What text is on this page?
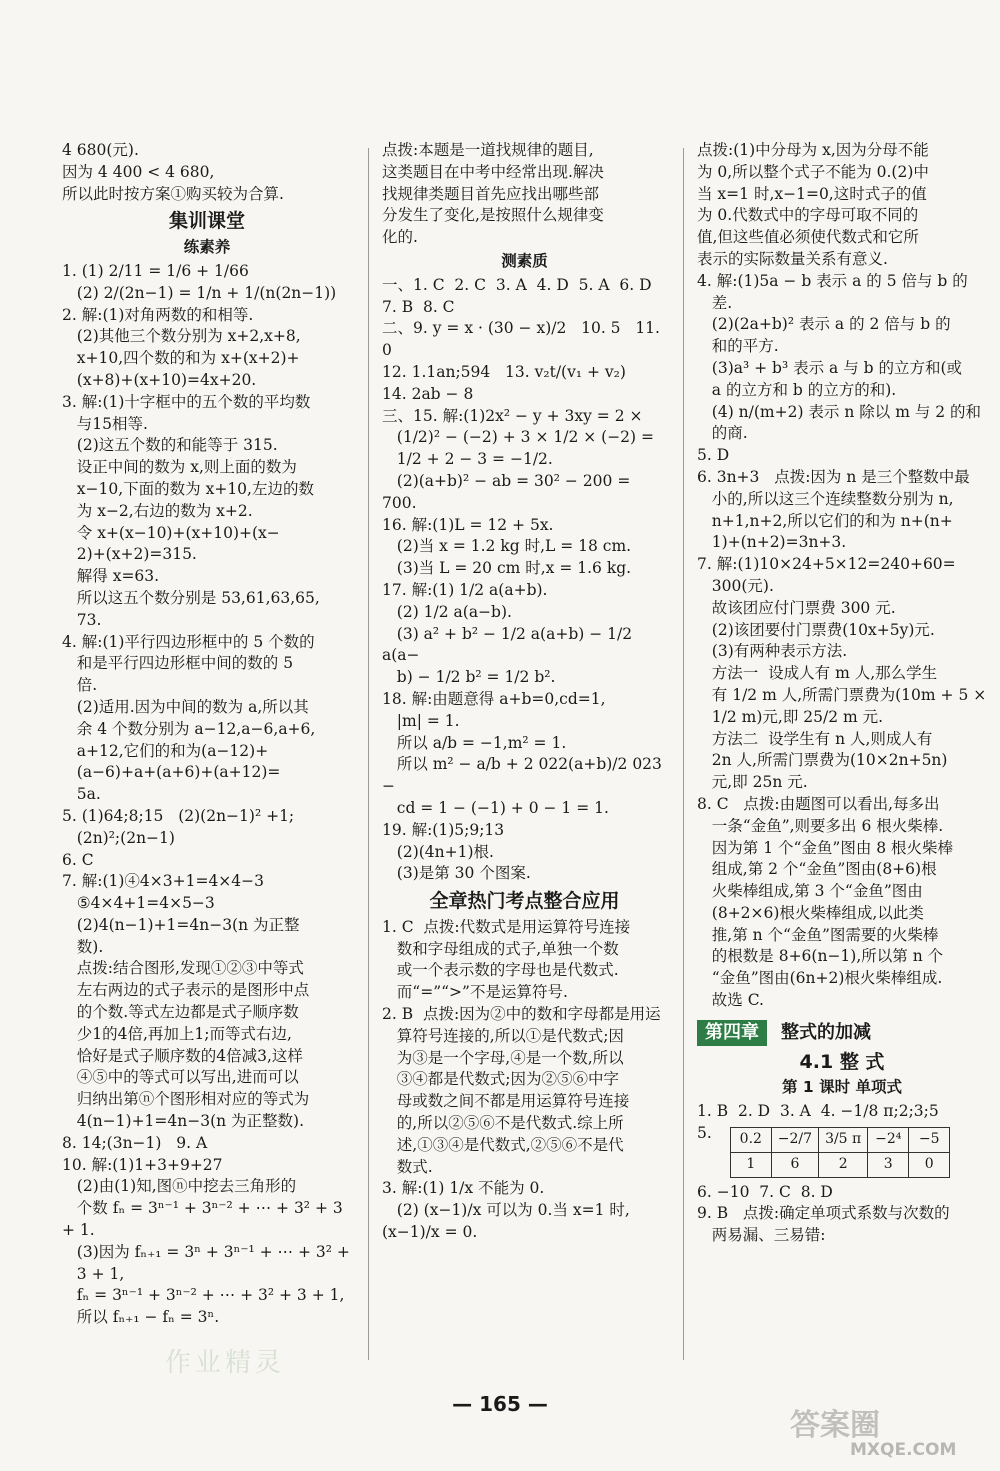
4 680(元).

因为 4 400 < 4 680,

所以此时按方案①购买较为合算.

集训课堂
练素养

1. (1) 2/11 = 1/6 + 1/66

(2) 2/(2n−1) = 1/n + 1/(n(2n−1))

2. 解:(1)对角两数的和相等.

(2)其他三个数分别为 x+2,x+8,

x+10,四个数的和为 x+(x+2)+

(x+8)+(x+10)=4x+20.

3. 解:(1)十字框中的五个数的平均数

与15相等.

(2)这五个数的和能等于 315.

设正中间的数为 x,则上面的数为

x−10,下面的数为 x+10,左边的数

为 x−2,右边的数为 x+2.

令 x+(x−10)+(x+10)+(x−

2)+(x+2)=315.

解得 x=63.

所以这五个数分别是 53,61,63,65,

73.

4. 解:(1)平行四边形框中的 5 个数的

和是平行四边形框中间的数的 5

倍.

(2)适用.因为中间的数为 a,所以其

余 4 个数分别为 a−12,a−6,a+6,

a+12,它们的和为(a−12)+

(a−6)+a+(a+6)+(a+12)=

5a.

5. (1)64;8;15   (2)(2n−1)² +1;

(2n)²;(2n−1)

6. C

7. 解:(1)④4×3+1=4×4−3

⑤4×4+1=4×5−3

(2)4(n−1)+1=4n−3(n 为正整

数).

点拨:结合图形,发现①②③中等式

左右两边的式子表示的是图形中点

的个数.等式左边都是式子顺序数

少1的4倍,再加上1;而等式右边,

恰好是式子顺序数的4倍减3,这样

④⑤中的等式可以写出,进而可以

归纳出第ⓝ个图形相对应的等式为

4(n−1)+1=4n−3(n 为正整数).

8. 14;(3n−1)   9. A

10. 解:(1)1+3+9+27

(2)由(1)知,图ⓝ中挖去三角形的

个数 fₙ = 3ⁿ⁻¹ + 3ⁿ⁻² + ⋯ + 3² + 3 + 1.

(3)因为 fₙ₊₁ = 3ⁿ + 3ⁿ⁻¹ + ⋯ + 3² +

3 + 1,

fₙ = 3ⁿ⁻¹ + 3ⁿ⁻² + ⋯ + 3² + 3 + 1,

所以 fₙ₊₁ − fₙ = 3ⁿ.

点拨:本题是一道找规律的题目,

这类题目在中考中经常出现.解决

找规律类题目首先应找出哪些部

分发生了变化,是按照什么规律变

化的.

测素质

一、1. C  2. C  3. A  4. D  5. A  6. D

7. B  8. C

二、9. y = x · (30 − x)/2   10. 5   11. 0

12. 1.1an;594   13. v₂t/(v₁ + v₂)

14. 2ab − 8

三、15. 解:(1)2x² − y + 3xy = 2 ×

(1/2)² − (−2) + 3 × 1/2 × (−2) =

1/2 + 2 − 3 = −1/2.

(2)(a+b)² − ab = 30² − 200 = 700.

16. 解:(1)L = 12 + 5x.

(2)当 x = 1.2 kg 时,L = 18 cm.

(3)当 L = 20 cm 时,x = 1.6 kg.

17. 解:(1) 1/2 a(a+b).

(2) 1/2 a(a−b).

(3) a² + b² − 1/2 a(a+b) − 1/2 a(a−

b) − 1/2 b² = 1/2 b².

18. 解:由题意得 a+b=0,cd=1,

|m| = 1.

所以 a/b = −1,m² = 1.

所以 m² − a/b + 2 022(a+b)/2 023 −

cd = 1 − (−1) + 0 − 1 = 1.

19. 解:(1)5;9;13

(2)(4n+1)根.

(3)是第 30 个图案.

全章热门考点整合应用

1. C  点拨:代数式是用运算符号连接

数和字母组成的式子,单独一个数

或一个表示数的字母也是代数式.

而“=”“>”不是运算符号.

2. B  点拨:因为②中的数和字母都是用运

算符号连接的,所以①是代数式;因

为③是一个字母,④是一个数,所以

③④都是代数式;因为②⑤⑥中字

母或数之间不都是用运算符号连接

的,所以②⑤⑥不是代数式.综上所

述,①③④是代数式,②⑤⑥不是代

数式.

3. 解:(1) 1/x 不能为 0.

(2) (x−1)/x 可以为 0.当 x=1 时, (x−1)/x = 0.

点拨:(1)中分母为 x,因为分母不能

为 0,所以整个式子不能为 0.(2)中

当 x=1 时,x−1=0,这时式子的值

为 0.代数式中的字母可取不同的

值,但这些值必须使代数式和它所

表示的实际数量关系有意义.

4. 解:(1)5a − b 表示 a 的 5 倍与 b 的

差.

(2)(2a+b)² 表示 a 的 2 倍与 b 的

和的平方.

(3)a³ + b³ 表示 a 与 b 的立方和(或

a 的立方和 b 的立方的和).

(4) n/(m+2) 表示 n 除以 m 与 2 的和

的商.

5. D

6. 3n+3   点拨:因为 n 是三个整数中最

小的,所以这三个连续整数分别为 n,

n+1,n+2,所以它们的和为 n+(n+

1)+(n+2)=3n+3.

7. 解:(1)10×24+5×12=240+60=

300(元).

故该团应付门票费 300 元.

(2)该团要付门票费(10x+5y)元.

(3)有两种表示方法.

方法一  设成人有 m 人,那么学生

有 1/2 m 人,所需门票费为(10m + 5 ×

1/2 m)元,即 25/2 m 元.

方法二  设学生有 n 人,则成人有

2n 人,所需门票费为(10×2n+5n)

元,即 25n 元.

8. C   点拨:由题图可以看出,每多出

一条“金鱼”,则要多出 6 根火柴棒.

因为第 1 个“金鱼”图由 8 根火柴棒

组成,第 2 个“金鱼”图由(8+6)根

火柴棒组成,第 3 个“金鱼”图由

(8+2×6)根火柴棒组成,以此类

推,第 n 个“金鱼”图需要的火柴棒

的根数是 8+6(n−1),所以第 n 个

“金鱼”图由(6n+2)根火柴棒组成.

故选 C.

第四章	整式的加减
4.1 整 式
第 1 课时 单项式

1. B  2. D  3. A  4. −1/8 π;2;3;5

5. 0.2	−2/7	3/5 π	−2⁴	−5
1	6	2	3	0

6. −10  7. C  8. D

9. B   点拨:确定单项式系数与次数的

两易漏、三易错:

— 165 —
作业精灵
答案圈
MXQE.COM
